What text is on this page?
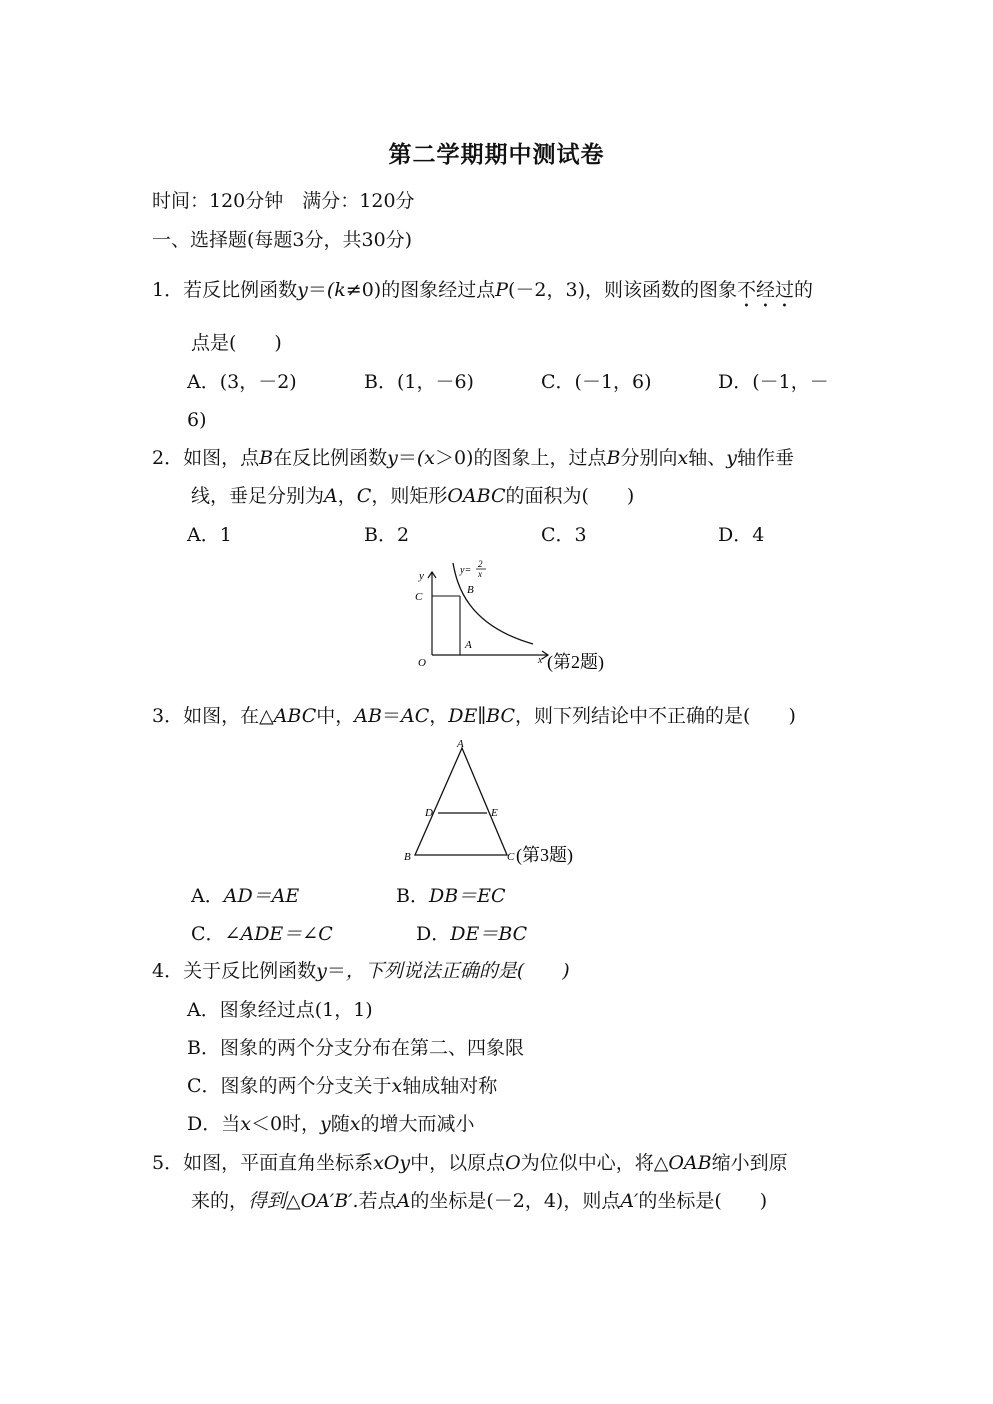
第二学期期中测试卷
时间：120分钟　满分：120分
一、选择题(每题3分，共30分)
1．若反比例函数y＝(k≠0)的图象经过点P(－2，3)，则该函数的图象不经过的
点是(　　)
A．(3，－2)	B．(1，－6)	C．(－1，6)	D．(－1，－
6)
2．如图，点B在反比例函数y＝(x＞0)的图象上，过点B分别向x轴、y轴作垂
线，垂足分别为A，C，则矩形OABC的面积为(　　)
A．1	B．2	C．3	D．4
y
x
O
C
B
A
y=
2
x
(第2题)
3．如图，在△ABC中，AB＝AC，DE∥BC，则下列结论中不正确的是(　　)
A
B	C
D	E
(第3题)
A．AD＝AE	B．DB＝EC
C．∠ADE＝∠C	D．DE＝BC
4．关于反比例函数y＝，下列说法正确的是(　　)
A．图象经过点(1，1)
B．图象的两个分支分布在第二、四象限
C．图象的两个分支关于x轴成轴对称
D．当x＜0时，y随x的增大而减小
5．如图，平面直角坐标系xOy中，以原点O为位似中心，将△OAB缩小到原
来的，得到△OA′B′.若点A的坐标是(－2，4)，则点A′的坐标是(　　)
